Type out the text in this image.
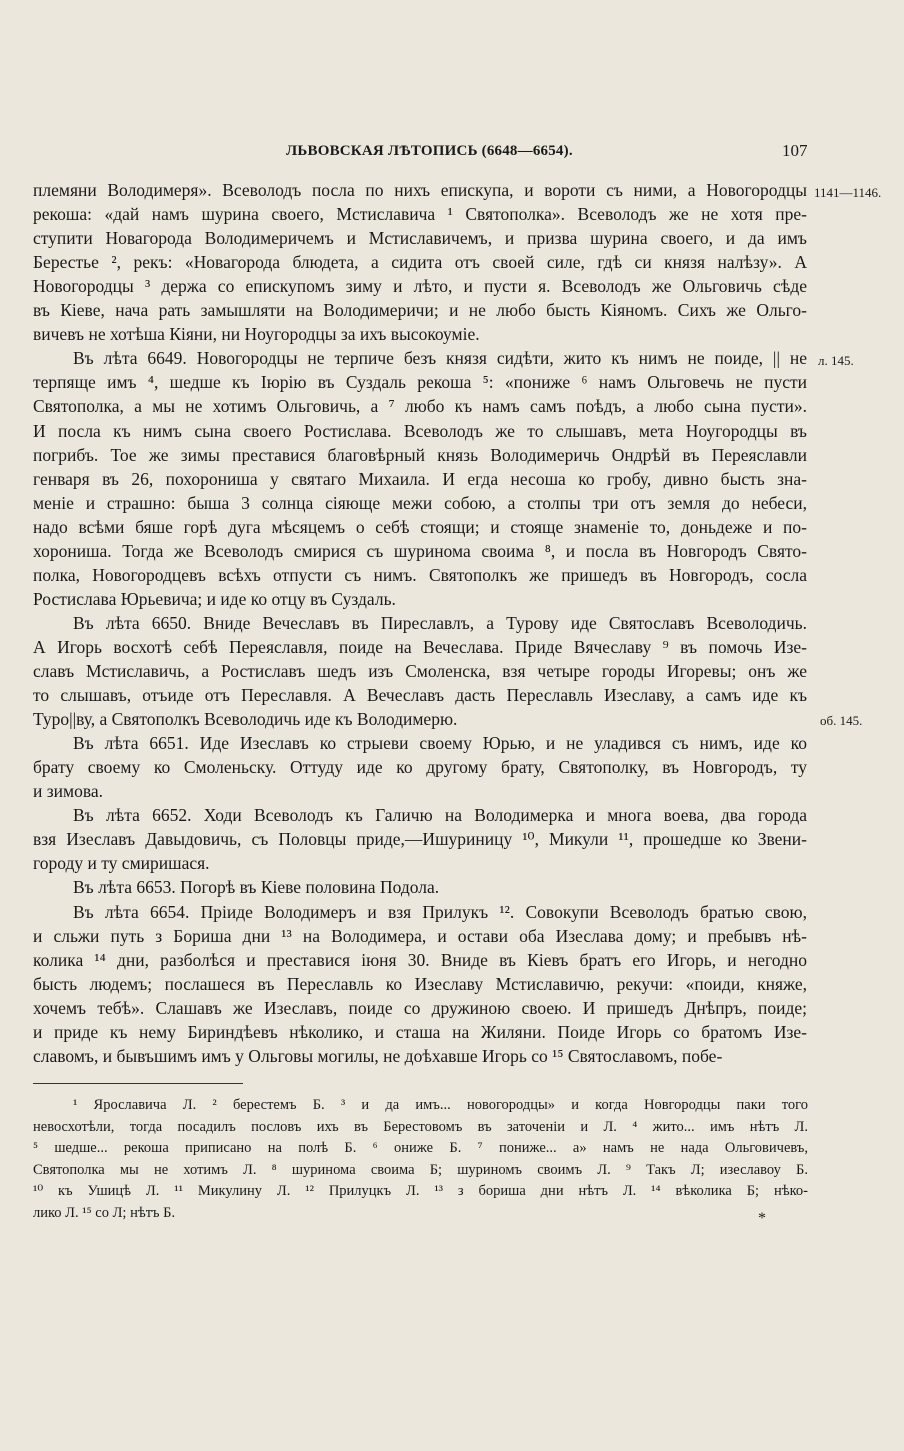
ЛЬВОВСКАЯ ЛѢТОПИСЬ (6648—6654).	107
1141—1146.
л. 145.
об. 145.
племяни Володимеря». Всеволодъ посла по нихъ епискупа, и вороти съ ними, а Новогородцы
рекоша: «дай намъ шурина своего, Мстиславича ¹ Святополка». Всеволодъ же не хотя пре-
ступити Новагорода Володимеричемъ и Мстиславичемъ, и призва шурина своего, и да имъ
Берестье ², рекъ: «Новагорода блюдета, а сидита отъ своей силе, гдѣ си князя налѣзу». А
Новогородцы ³ держа со епискупомъ зиму и лѣто, и пусти я. Всеволодъ же Ольговичь сѣде
въ Кіеве, нача рать замышляти на Володимеричи; и не любо бысть Кіяномъ. Сихъ же Ольго-
вичевъ не хотѣша Кіяни, ни Ноугородцы за ихъ высокоуміе.
Въ лѣта 6649. Новогородцы не терпиче безъ князя сидѣти, жито къ нимъ не поиде, || не
терпяще имъ ⁴, шедше къ Іюрію въ Суздаль рекоша ⁵: «пониже ⁶ намъ Ольговечь не пусти
Святополка, а мы не хотимъ Ольговичь, а ⁷ любо къ намъ самъ поѣдъ, а любо сына пусти».
И посла къ нимъ сына своего Ростислава. Всеволодъ же то слышавъ, мета Ноугородцы въ
погрибъ. Тое же зимы преставися благовѣрный князь Володимеричь Ондрѣй въ Переяславли
генваря въ 26, похорониша у святаго Михаила. И егда несоша ко гробу, дивно бысть зна-
меніе и страшно: быша 3 солнцa сіяюще межи собою, а столпы три отъ земля до небеси,
надо всѣми бяше горѣ дуга мѣсяцемъ о себѣ стоящи; и стояще знаменіе то, доньдеже и по-
хорониша. Тогда же Всеволодъ смирися съ шуриномa своима ⁸, и посла въ Новгородъ Свято-
полка, Новогородцевъ всѣхъ отпусти съ нимъ. Святополкъ же пришедъ въ Новгородъ, сосла
Ростислава Юрьевича; и иде ко отцу въ Суздаль.
Въ лѣта 6650. Вниде Вечеславъ въ Пиреславлъ, а Турову иде Святославъ Всеволодичь.
А Игорь восхотѣ себѣ Переяславля, поиде на Вечеслава. Приде Вячеславу ⁹ въ помочь Изе-
славъ Мстиславичь, а Ростиславъ шедъ изъ Смоленска, взя четыре городы Игоревы; онъ же
то слышавъ, отъиде отъ Переславля. А Вечеславъ дасть Переславль Изеславу, а самъ иде къ
Туро||ву, а Святополкъ Всеволодичь иде къ Володимерю.
Въ лѣта 6651. Иде Изеславъ ко стрыеви своему Юрью, и не уладився съ нимъ, иде ко
брату своему ко Смоленьску. Оттуду иде ко другому брату, Святополку, въ Новгородъ, ту
и зимова.
Въ лѣта 6652. Ходи Всеволодъ къ Галичю на Володимерка и многа воева, два города
взя Изеславъ Давыдовичь, съ Половцы приде,—Ишуриницу ¹⁰, Микули ¹¹, прошедше ко Звени-
городу и ту смиришася.
Въ лѣта 6653. Погорѣ въ Кіеве половина Подола.
Въ лѣта 6654. Пріиде Володимеръ и взя Прилукъ ¹². Совокупи Всеволодъ братью свою,
и сльжи путь з Бориша дни ¹³ на Володимера, и остави оба Изеслава дому; и пребывъ нѣ-
колика ¹⁴ дни, разболѣся и преставися іюня 30. Вниде въ Кіевъ братъ его Игорь, и негодно
бысть людемъ; послашеся въ Переславль ко Изеславу Мстиславичю, рекучи: «поиди, княже,
хочемъ тебѣ». Слашавъ же Изеславъ, поиде со дружиною своею. И пришедъ Днѣпръ, поиде;
и приде къ нему Бириндѣевъ нѣколико, и сташа на Жиляни. Поиде Игорь со братомъ Изе-
славомъ, и бывъшимъ имъ у Ольговы могилы, не доѣхавше Игорь со ¹⁵ Святославомъ, побе-
¹ Ярославича Л. ² берестемъ Б. ³ и да имъ... новогородцы» и когда Новгородцы паки того
невосхотѣли, тогда посадилъ пословъ ихъ въ Берестовомъ въ заточеніи и Л. ⁴ жито... имъ нѣтъ Л.
⁵ шедше... рекоша приписано на полѣ Б. ⁶ ониже Б. ⁷ пониже... а» намъ не нада Ольговичевъ,
Святополка мы не хотимъ Л. ⁸ шуриномa своима Б; шуриномъ своимъ Л. ⁹ Такъ Л; изеславоу Б.
¹⁰ къ Ушицѣ Л. ¹¹ Микулину Л. ¹² Прилуцкъ Л. ¹³ з бориша дни нѣтъ Л. ¹⁴ вѣколика Б; нѣко-
лико Л. ¹⁵ со Л; нѣтъ Б.	*
